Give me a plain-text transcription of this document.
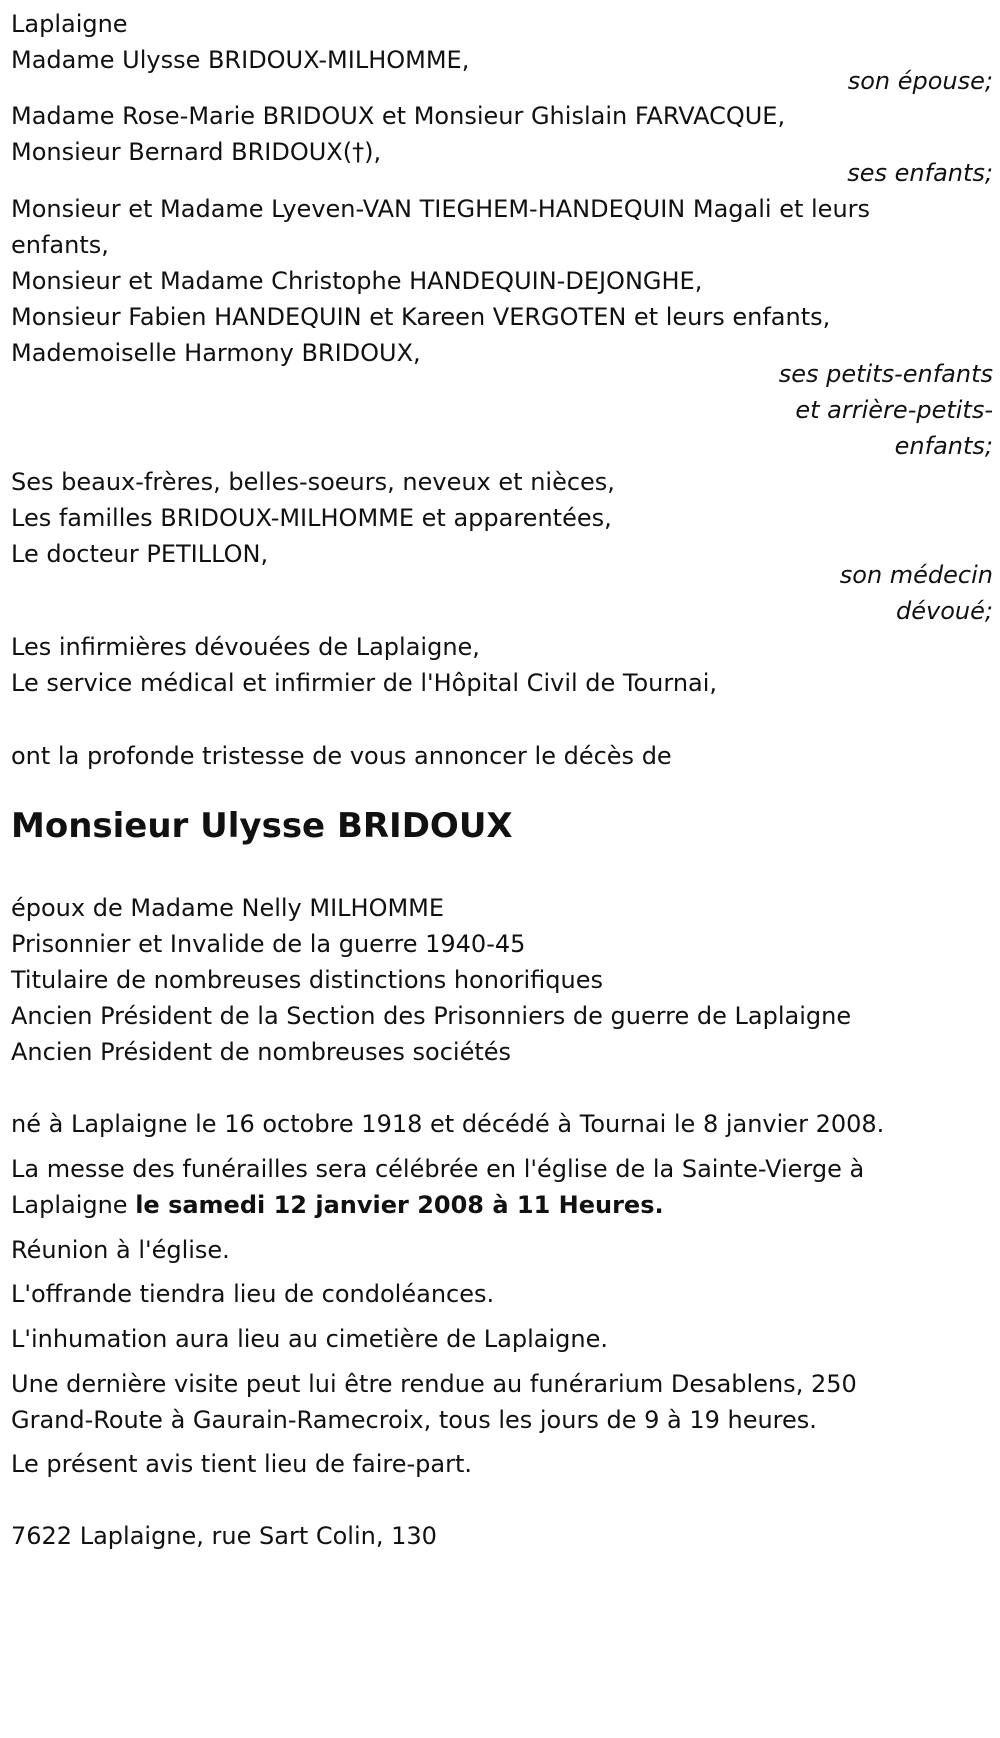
Laplaigne
Madame Ulysse BRIDOUX-MILHOMME,
son épouse;
Madame Rose-Marie BRIDOUX et Monsieur Ghislain FARVACQUE,
Monsieur Bernard BRIDOUX(†),
ses enfants;
Monsieur et Madame Lyeven-VAN TIEGHEM-HANDEQUIN Magali et leurs
enfants,
Monsieur et Madame Christophe HANDEQUIN-DEJONGHE,
Monsieur Fabien HANDEQUIN et Kareen VERGOTEN et leurs enfants,
Mademoiselle Harmony BRIDOUX,
ses petits-enfants
et arrière-petits-
enfants;
Ses beaux-frères, belles-soeurs, neveux et nièces,
Les familles BRIDOUX-MILHOMME et apparentées,
Le docteur PETILLON,
son médecin
dévoué;
Les infirmières dévouées de Laplaigne,
Le service médical et infirmier de l'Hôpital Civil de Tournai,
ont la profonde tristesse de vous annoncer le décès de
Monsieur Ulysse BRIDOUX
époux de Madame Nelly MILHOMME
Prisonnier et Invalide de la guerre 1940-45
Titulaire de nombreuses distinctions honorifiques
Ancien Président de la Section des Prisonniers de guerre de Laplaigne
Ancien Président de nombreuses sociétés
né à Laplaigne le 16 octobre 1918 et décédé à Tournai le 8 janvier 2008.
La messe des funérailles sera célébrée en l'église de la Sainte-Vierge à
Laplaigne le samedi 12 janvier 2008 à 11 Heures.
Réunion à l'église.
L'offrande tiendra lieu de condoléances.
L'inhumation aura lieu au cimetière de Laplaigne.
Une dernière visite peut lui être rendue au funérarium Desablens, 250
Grand-Route à Gaurain-Ramecroix, tous les jours de 9 à 19 heures.
Le présent avis tient lieu de faire-part.
7622 Laplaigne, rue Sart Colin, 130
